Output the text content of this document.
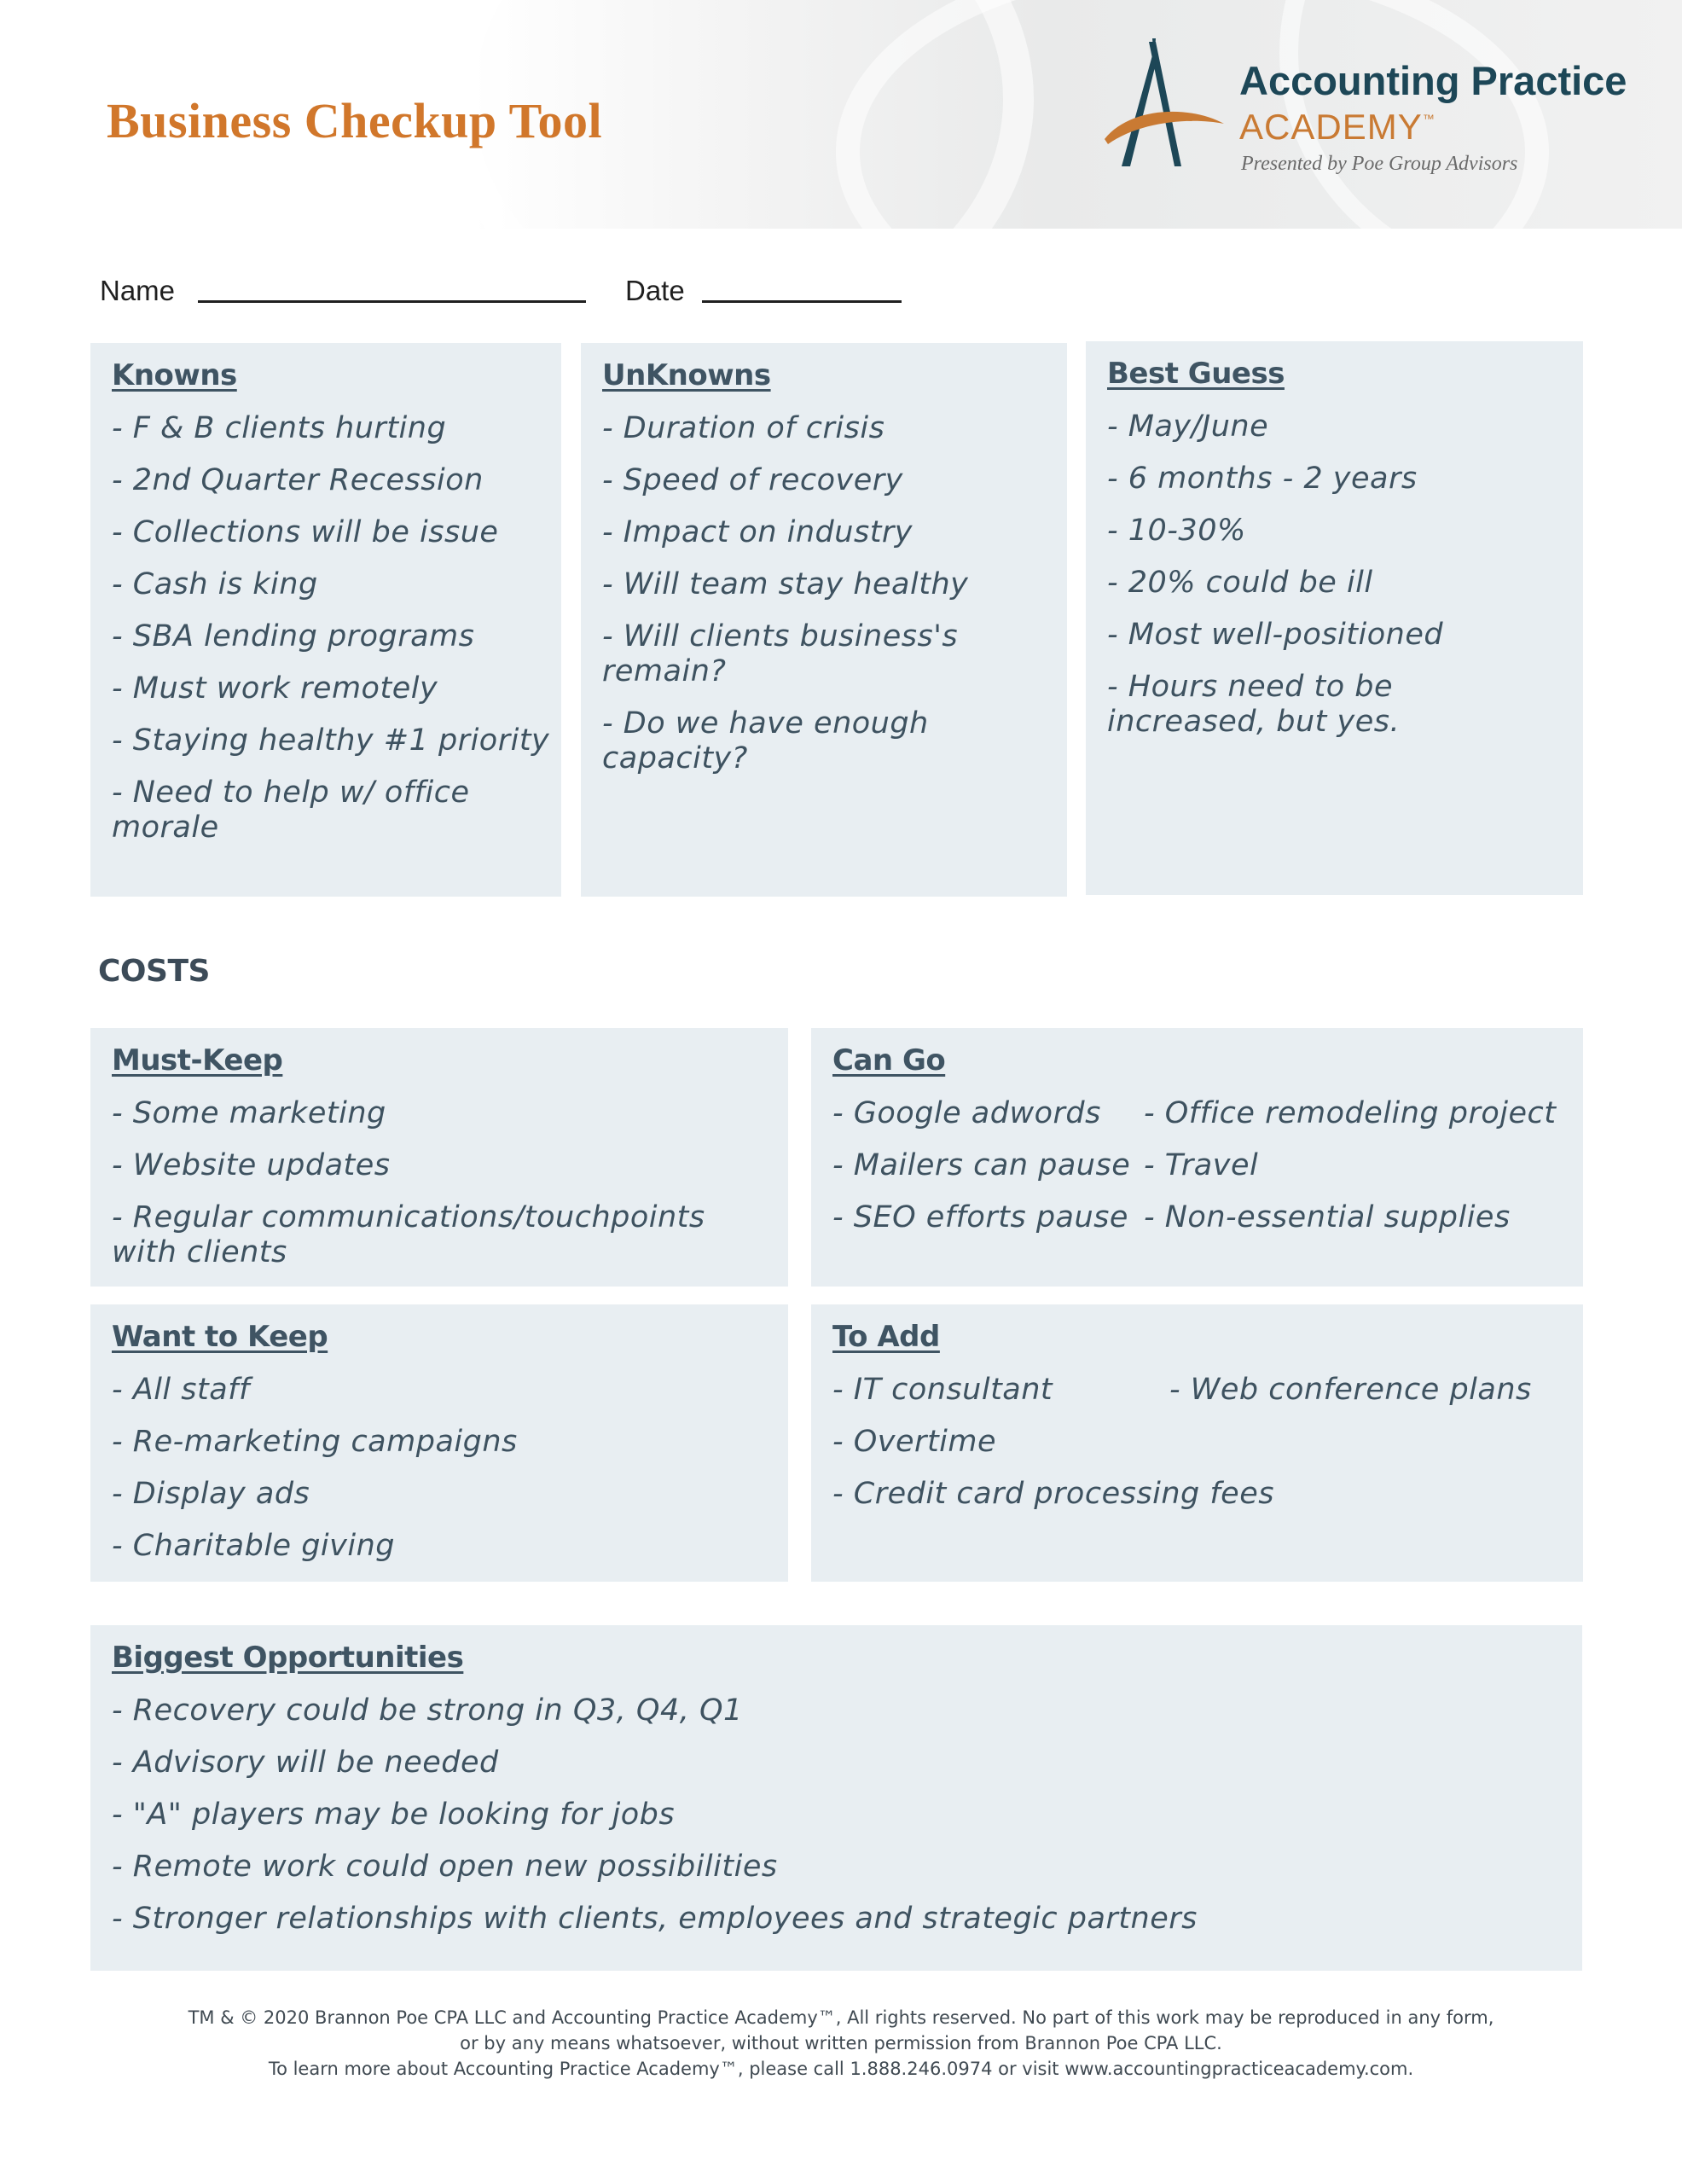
Business Checkup Tool
Accounting Practice
ACADEMY™
Presented by Poe Group Advisors
Name	Date
Knowns
- F & B clients hurting
- 2nd Quarter Recession
- Collections will be issue
- Cash is king
- SBA lending programs
- Must work remotely
- Staying healthy #1 priority
- Need to help w/ office morale
UnKnowns
- Duration of crisis
- Speed of recovery
- Impact on industry
- Will team stay healthy
- Will clients business's remain?
- Do we have enough capacity?
Best Guess
- May/June
- 6 months - 2 years
- 10-30%
- 20% could be ill
- Most well-positioned
- Hours need to be increased, but yes.
COSTS
Must-Keep
- Some marketing
- Website updates
- Regular communications/touchpoints with clients
Can Go
- Google adwords
- Mailers can pause
- SEO efforts pause
- Office remodeling project
- Travel
- Non-essential supplies
Want to Keep
- All staff
- Re-marketing campaigns
- Display ads
- Charitable giving
To Add
- IT consultant
- Overtime
- Credit card processing fees
- Web conference plans
Biggest Opportunities
- Recovery could be strong in Q3, Q4, Q1
- Advisory will be needed
- "A" players may be looking for jobs
- Remote work could open new possibilities
- Stronger relationships with clients, employees and strategic partners

TM & © 2020 Brannon Poe CPA LLC and Accounting Practice Academy™, All rights reserved. No part of this work may be reproduced in any form,

or by any means whatsoever, without written permission from Brannon Poe CPA LLC.

To learn more about Accounting Practice Academy™, please call 1.888.246.0974 or visit www.accountingpracticeacademy.com.
